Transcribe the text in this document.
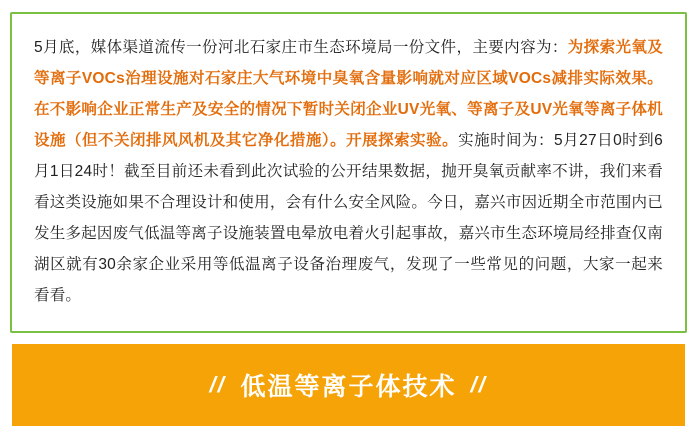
5月底，媒体渠道流传一份河北石家庄市生态环境局一份文件，主要内容为：为探索光氧及等离子VOCs治理设施对石家庄大气环境中臭氧含量影响就对应区域VOCs减排实际效果。在不影响企业正常生产及安全的情况下暂时关闭企业UV光氧、等离子及UV光氧等离子体机设施（但不关闭排风风机及其它净化措施）。开展探索实验。实施时间为：5月27日0时到6月1日24时！截至目前还未看到此次试验的公开结果数据，抛开臭氧贡献率不讲，我们来看看这类设施如果不合理设计和使用，会有什么安全风险。今日，嘉兴市因近期全市范围内已发生多起因废气低温等离子设施装置电晕放电着火引起事故，嘉兴市生态环境局经排查仅南湖区就有30余家企业采用等低温离子设备治理废气，发现了一些常见的问题，大家一起来看看。

// 低温等离子体技术 //
